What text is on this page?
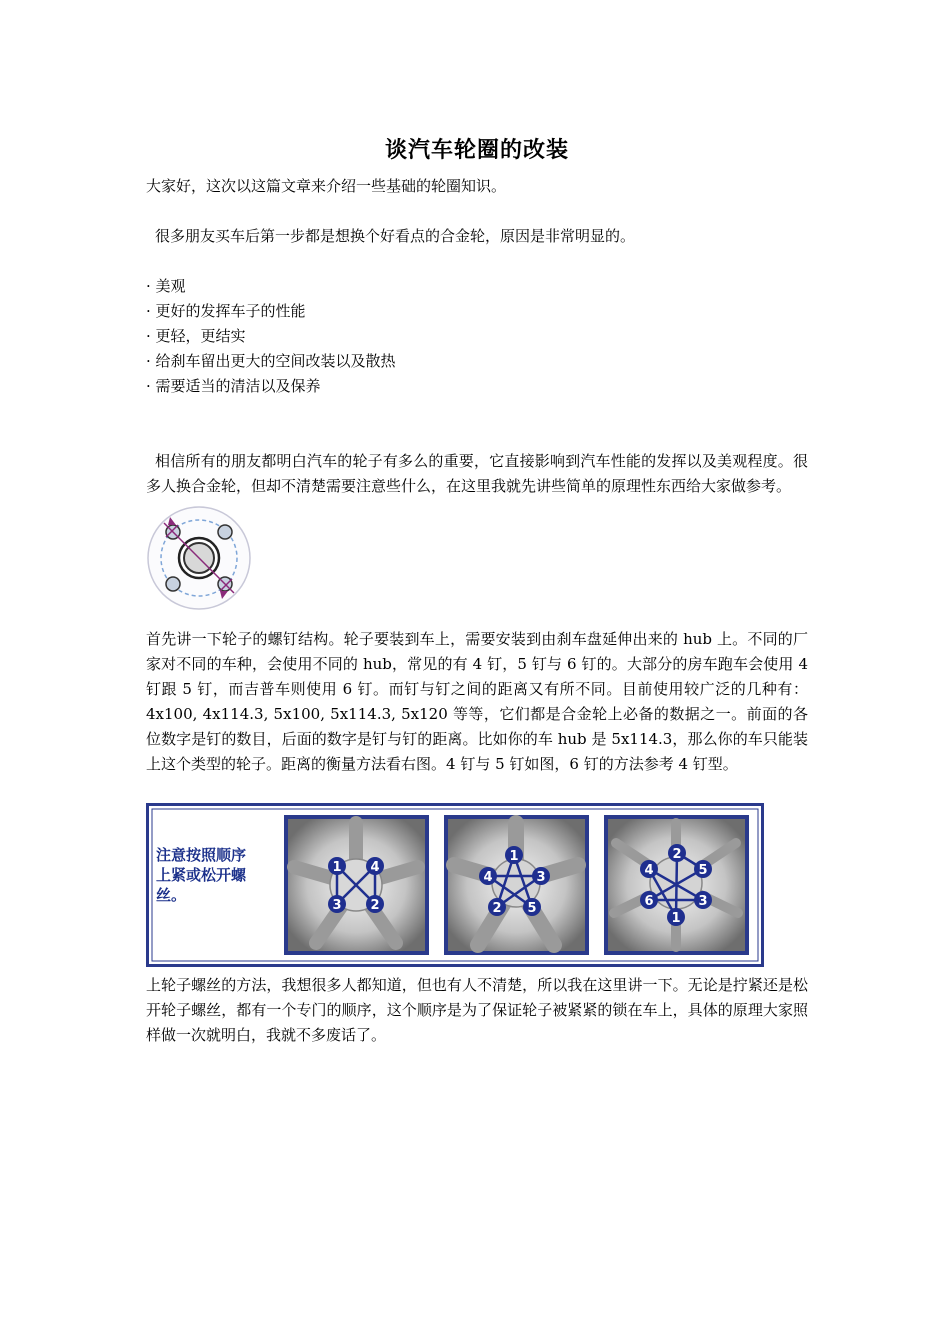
谈汽车轮圈的改装

大家好，这次以这篇文章来介绍一些基础的轮圈知识。

很多朋友买车后第一步都是想换个好看点的合金轮，原因是非常明显的。

· 美观
· 更好的发挥车子的性能
· 更轻，更结实
· 给刹车留出更大的空间改装以及散热
· 需要适当的清洁以及保养

相信所有的朋友都明白汽车的轮子有多么的重要，它直接影响到汽车性能的发挥以及美观程度。很多人换合金轮，但却不清楚需要注意些什么，在这里我就先讲些简单的原理性东西给大家做参考。

首先讲一下轮子的螺钉结构。轮子要装到车上，需要安装到由刹车盘延伸出来的 hub 上。不同的厂家对不同的车种，会使用不同的 hub，常见的有 4 钉，5 钉与 6 钉的。大部分的房车跑车会使用 4 钉跟 5 钉，而吉普车则使用 6 钉。而钉与钉之间的距离又有所不同。目前使用较广泛的几种有：4x100, 4x114.3, 5x100, 5x114.3, 5x120 等等，它们都是合金轮上必备的数据之一。前面的各位数字是钉的数目，后面的数字是钉与钉的距离。比如你的车 hub 是 5x114.3，那么你的车只能装上这个类型的轮子。距离的衡量方法看右图。4 钉与 5 钉如图，6 钉的方法参考 4 钉型。

注意按照顺序
上紧或松开螺
丝。
1 4
3 2
1
4	3
2 5
2
4	5
6	3
1

上轮子螺丝的方法，我想很多人都知道，但也有人不清楚，所以我在这里讲一下。无论是拧紧还是松开轮子螺丝，都有一个专门的顺序，这个顺序是为了保证轮子被紧紧的锁在车上，具体的原理大家照样做一次就明白，我就不多废话了。
